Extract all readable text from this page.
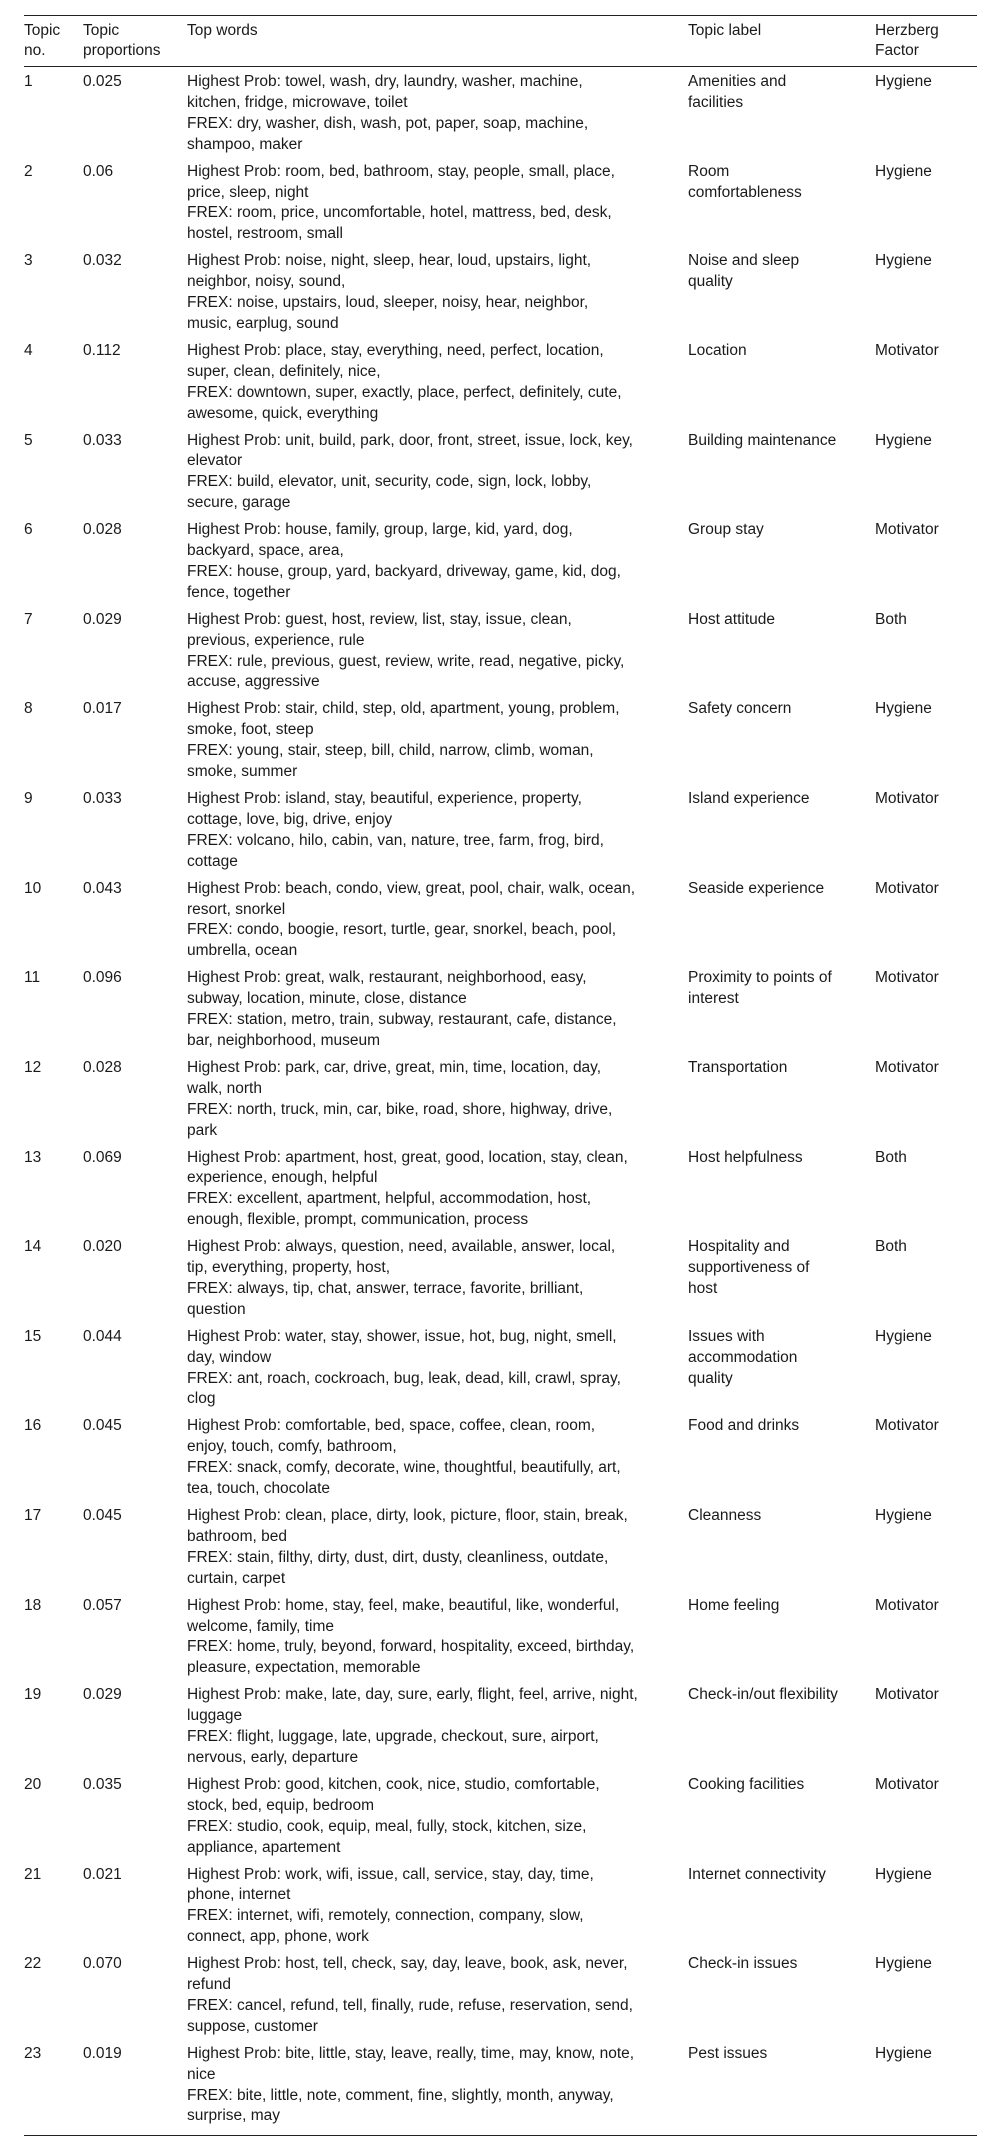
Topic
no.	Topic
proportions	Top words	Topic label	Herzberg
Factor

1	0.025	Highest Prob: towel, wash, dry, laundry, washer, machine,
kitchen, fridge, microwave, toilet
FREX: dry, washer, dish, wash, pot, paper, soap, machine,
shampoo, maker	Amenities and
facilities	Hygiene

2	0.06	Highest Prob: room, bed, bathroom, stay, people, small, place,
price, sleep, night
FREX: room, price, uncomfortable, hotel, mattress, bed, desk,
hostel, restroom, small	Room
comfortableness	Hygiene

3	0.032	Highest Prob: noise, night, sleep, hear, loud, upstairs, light,
neighbor, noisy, sound,
FREX: noise, upstairs, loud, sleeper, noisy, hear, neighbor,
music, earplug, sound	Noise and sleep
quality	Hygiene

4	0.112	Highest Prob: place, stay, everything, need, perfect, location,
super, clean, definitely, nice,
FREX: downtown, super, exactly, place, perfect, definitely, cute,
awesome, quick, everything	Location	Motivator

5	0.033	Highest Prob: unit, build, park, door, front, street, issue, lock, key,
elevator
FREX: build, elevator, unit, security, code, sign, lock, lobby,
secure, garage	Building maintenance	Hygiene

6	0.028	Highest Prob: house, family, group, large, kid, yard, dog,
backyard, space, area,
FREX: house, group, yard, backyard, driveway, game, kid, dog,
fence, together	Group stay	Motivator

7	0.029	Highest Prob: guest, host, review, list, stay, issue, clean,
previous, experience, rule
FREX: rule, previous, guest, review, write, read, negative, picky,
accuse, aggressive	Host attitude	Both

8	0.017	Highest Prob: stair, child, step, old, apartment, young, problem,
smoke, foot, steep
FREX: young, stair, steep, bill, child, narrow, climb, woman,
smoke, summer	Safety concern	Hygiene

9	0.033	Highest Prob: island, stay, beautiful, experience, property,
cottage, love, big, drive, enjoy
FREX: volcano, hilo, cabin, van, nature, tree, farm, frog, bird,
cottage	Island experience	Motivator

10	0.043	Highest Prob: beach, condo, view, great, pool, chair, walk, ocean,
resort, snorkel
FREX: condo, boogie, resort, turtle, gear, snorkel, beach, pool,
umbrella, ocean	Seaside experience	Motivator

11	0.096	Highest Prob: great, walk, restaurant, neighborhood, easy,
subway, location, minute, close, distance
FREX: station, metro, train, subway, restaurant, cafe, distance,
bar, neighborhood, museum	Proximity to points of
interest	Motivator

12	0.028	Highest Prob: park, car, drive, great, min, time, location, day,
walk, north
FREX: north, truck, min, car, bike, road, shore, highway, drive,
park	Transportation	Motivator

13	0.069	Highest Prob: apartment, host, great, good, location, stay, clean,
experience, enough, helpful
FREX: excellent, apartment, helpful, accommodation, host,
enough, flexible, prompt, communication, process	Host helpfulness	Both

14	0.020	Highest Prob: always, question, need, available, answer, local,
tip, everything, property, host,
FREX: always, tip, chat, answer, terrace, favorite, brilliant,
question	Hospitality and
supportiveness of
host	Both

15	0.044	Highest Prob: water, stay, shower, issue, hot, bug, night, smell,
day, window
FREX: ant, roach, cockroach, bug, leak, dead, kill, crawl, spray,
clog	Issues with
accommodation
quality	Hygiene

16	0.045	Highest Prob: comfortable, bed, space, coffee, clean, room,
enjoy, touch, comfy, bathroom,
FREX: snack, comfy, decorate, wine, thoughtful, beautifully, art,
tea, touch, chocolate	Food and drinks	Motivator

17	0.045	Highest Prob: clean, place, dirty, look, picture, floor, stain, break,
bathroom, bed
FREX: stain, filthy, dirty, dust, dirt, dusty, cleanliness, outdate,
curtain, carpet	Cleanness	Hygiene

18	0.057	Highest Prob: home, stay, feel, make, beautiful, like, wonderful,
welcome, family, time
FREX: home, truly, beyond, forward, hospitality, exceed, birthday,
pleasure, expectation, memorable	Home feeling	Motivator

19	0.029	Highest Prob: make, late, day, sure, early, flight, feel, arrive, night,
luggage
FREX: flight, luggage, late, upgrade, checkout, sure, airport,
nervous, early, departure	Check-in/out flexibility	Motivator

20	0.035	Highest Prob: good, kitchen, cook, nice, studio, comfortable,
stock, bed, equip, bedroom
FREX: studio, cook, equip, meal, fully, stock, kitchen, size,
appliance, apartement	Cooking facilities	Motivator

21	0.021	Highest Prob: work, wifi, issue, call, service, stay, day, time,
phone, internet
FREX: internet, wifi, remotely, connection, company, slow,
connect, app, phone, work	Internet connectivity	Hygiene

22	0.070	Highest Prob: host, tell, check, say, day, leave, book, ask, never,
refund
FREX: cancel, refund, tell, finally, rude, refuse, reservation, send,
suppose, customer	Check-in issues	Hygiene

23	0.019	Highest Prob: bite, little, stay, leave, really, time, may, know, note,
nice
FREX: bite, little, note, comment, fine, slightly, month, anyway,
surprise, may	Pest issues	Hygiene
